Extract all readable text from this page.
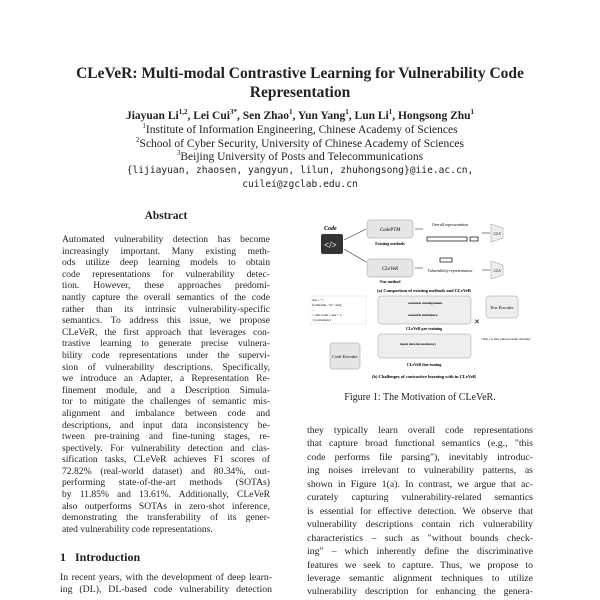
CLeVeR: Multi-modal Contrastive Learning for Vulnerability Code
Representation
Jiayuan Li$^{1,2}$, Lei Cui$^{3*}$, Sen Zhao$^1$, Yun Yang$^1$, Lun Li$^1$, Hongsong Zhu$^1$
$^1$Institute of Information Engineering, Chinese Academy of Sciences
$^2$School of Cyber Security, University of Chinese Academy of Sciences
$^3$Beijing University of Posts and Telecommunications
{lijiayuan, zhaosen, yangyun, lilun, zhuhongsong}@iie.ac.cn,
cuilei@zgclab.edu.cn
Abstract
Automated vulnerability detection has become
increasingly important. Many existing meth-
ods utilize deep learning models to obtain
code representations for vulnerability detec-
tion. However, these approaches predomi-
nantly capture the overall semantics of the code
rather than its intrinsic vulnerability-specific
semantics. To address this issue, we propose
CLeVeR, the first approach that leverages con-
trastive learning to generate precise vulnera-
bility code representations under the supervi-
sion of vulnerability descriptions. Specifically,
we introduce an Adapter, a Representation Re-
finement module, and a Description Simula-
tor to mitigate the challenges of semantic mis-
alignment and imbalance between code and
descriptions, and input data inconsistency be-
tween pre-training and fine-tuning stages, re-
spectively. For vulnerability detection and clas-
sification tasks, CLeVeR achieves F1 scores of
72.82% (real-world dataset) and 80.34%, out-
performing state-of-the-art methods (SOTAs)
by 11.85% and 13.61%. Additionally, CLeVeR
also outperforms SOTAs in zero-shot inference,
demonstrating the transferability of its gener-
ated vulnerability code representations.
1   Introduction
In recent years, with the development of deep learn-
ing (DL), DL-based code vulnerability detection
Code
</>
CodePTM
Existing methods
CLeVeR
Our method
Overall representation
Vulnerability representation
CLS
CLS
(a) Comparison of existing methods and CLeVeR
data = "";
fscanf(stdin, "%s", data);
...
// other result = data + 1;
// (problematic)
Code Encoder
semantic misalignment
semantic imbalance
CLeVeR pre-training
input data inconsistency
CLeVeR fine-tuning
Text Encoder
✕
"adds 1 to data without bounds checking"
(b) Challenges of contrastive learning with in CLeVeR
Figure 1: The Motivation of CLeVeR.
they typically learn overall code representations
that capture broad functional semantics (e.g., "this
code performs file parsing"), inevitably introduc-
ing noises irrelevant to vulnerability patterns, as
shown in Figure 1(a). In contrast, we argue that ac-
curately capturing vulnerability-related semantics
is essential for effective detection. We observe that
vulnerability descriptions contain rich vulnerability
characteristics – such as "without bounds check-
ing" – which inherently define the discriminative
features we seek to capture. Thus, we propose to
leverage semantic alignment techniques to utilize
vulnerability description for enhancing the genera-
